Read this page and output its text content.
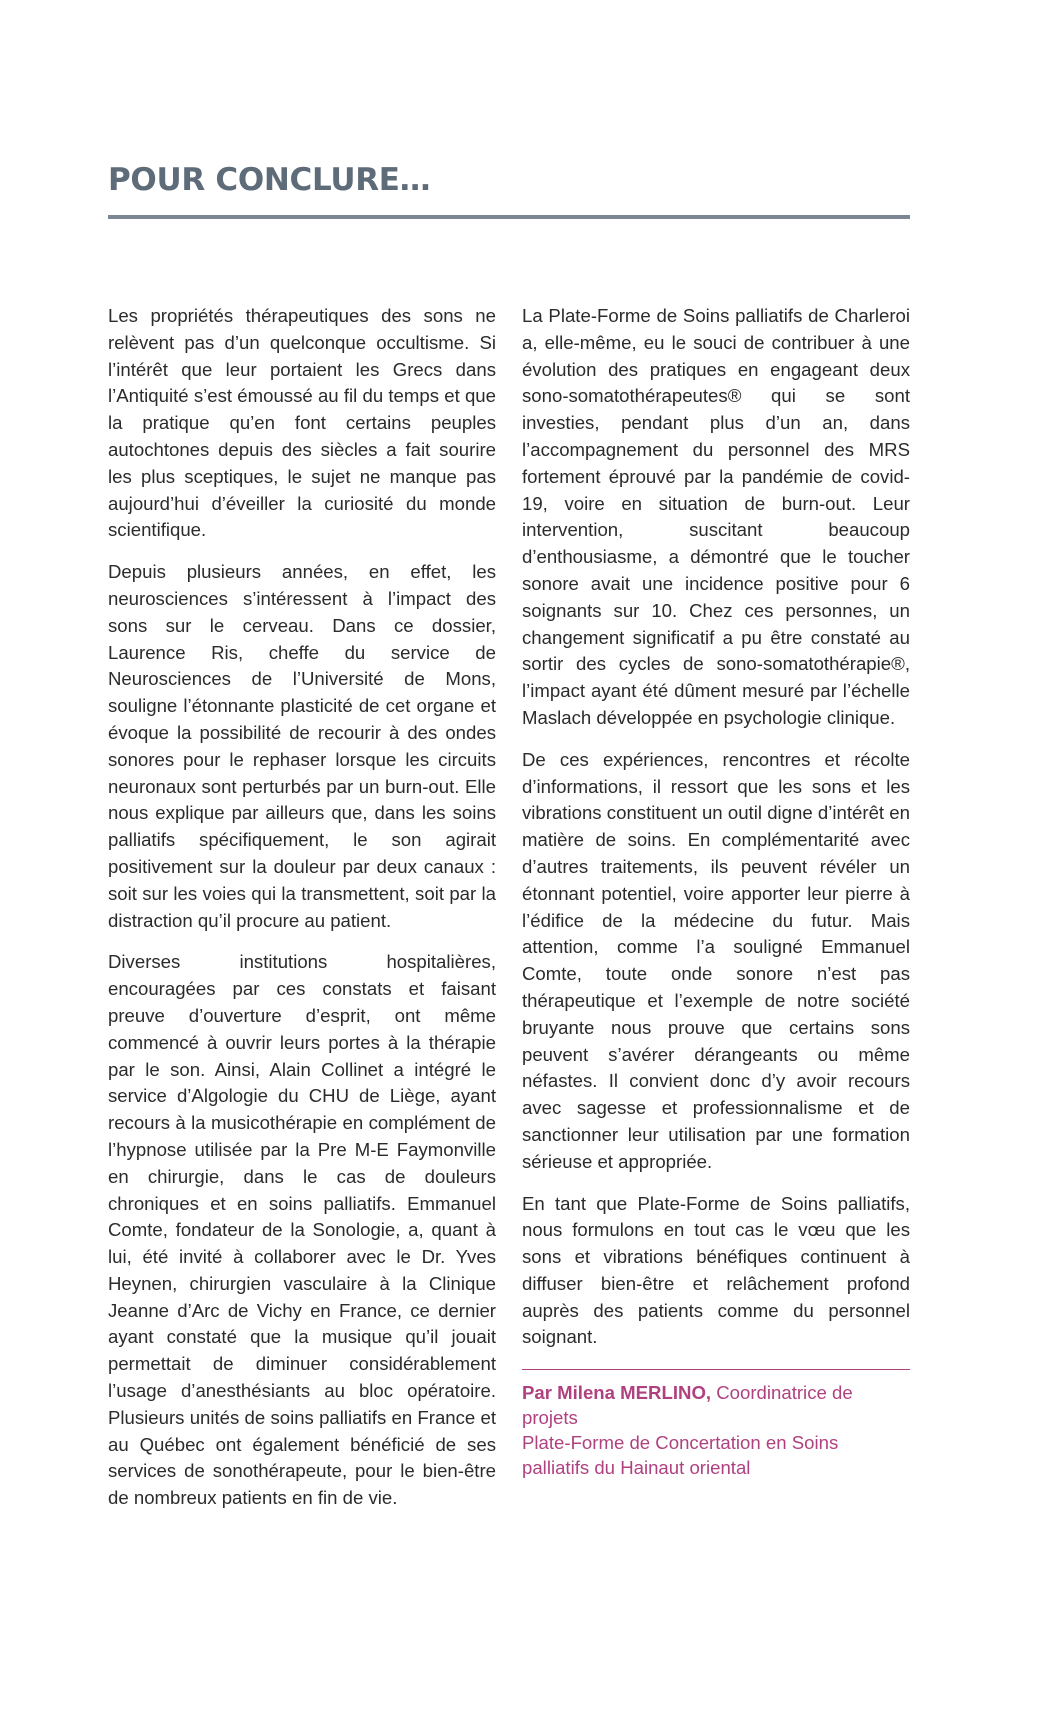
POUR CONCLURE…

Les propriétés thérapeutiques des sons ne relèvent pas d’un quelconque occultisme. Si l’intérêt que leur portaient les Grecs dans l’Antiquité s’est émoussé au fil du temps et que la pratique qu’en font certains peuples autochtones depuis des siècles a fait sourire les plus sceptiques, le sujet ne manque pas aujourd’hui d’éveiller la curiosité du monde scientifique.

Depuis plusieurs années, en effet, les neurosciences s’intéressent à l’impact des sons sur le cerveau. Dans ce dossier, Laurence Ris, cheffe du service de Neurosciences de l’Université de Mons, souligne l’étonnante plasticité de cet organe et évoque la possibilité de recourir à des ondes sonores pour le rephaser lorsque les circuits neuronaux sont perturbés par un burn-out. Elle nous explique par ailleurs que, dans les soins palliatifs spécifiquement, le son agirait positivement sur la douleur par deux canaux : soit sur les voies qui la transmettent, soit par la distraction qu’il procure au patient.

Diverses institutions hospitalières, encouragées par ces constats et faisant preuve d’ouverture d’esprit, ont même commencé à ouvrir leurs portes à la thérapie par le son. Ainsi, Alain Collinet a intégré le service d’Algologie du CHU de Liège, ayant recours à la musicothérapie en complément de l’hypnose utilisée par la Pre M-E Faymonville en chirurgie, dans le cas de douleurs chroniques et en soins palliatifs. Emmanuel Comte, fondateur de la Sonologie, a, quant à lui, été invité à collaborer avec le Dr. Yves Heynen, chirurgien vasculaire à la Clinique Jeanne d’Arc de Vichy en France, ce dernier ayant constaté que la musique qu’il jouait permettait de diminuer considérablement l’usage d’anesthésiants au bloc opératoire. Plusieurs unités de soins palliatifs en France et au Québec ont également bénéficié de ses services de sonothérapeute, pour le bien-être de nombreux patients en fin de vie.

La Plate-Forme de Soins palliatifs de Charleroi a, elle-même, eu le souci de contribuer à une évolution des pratiques en engageant deux sono-somatothérapeutes® qui se sont investies, pendant plus d’un an, dans l’accompagnement du personnel des MRS fortement éprouvé par la pandémie de covid-19, voire en situation de burn-out. Leur intervention, suscitant beaucoup d’enthousiasme, a démontré que le toucher sonore avait une incidence positive pour 6 soignants sur 10. Chez ces personnes, un changement significatif a pu être constaté au sortir des cycles de sono-somatothérapie®, l’impact ayant été dûment mesuré par l’échelle Maslach développée en psychologie clinique.

De ces expériences, rencontres et récolte d’informations, il ressort que les sons et les vibrations constituent un outil digne d’intérêt en matière de soins. En complémentarité avec d’autres traitements, ils peuvent révéler un étonnant potentiel, voire apporter leur pierre à l’édifice de la médecine du futur. Mais attention, comme l’a souligné Emmanuel Comte, toute onde sonore n’est pas thérapeutique et l’exemple de notre société bruyante nous prouve que certains sons peuvent s’avérer dérangeants ou même néfastes. Il convient donc d’y avoir recours avec sagesse et professionnalisme et de sanctionner leur utilisation par une formation sérieuse et appropriée.

En tant que Plate-Forme de Soins palliatifs, nous formulons en tout cas le vœu que les sons et vibrations bénéfiques continuent à diffuser bien-être et relâchement profond auprès des patients comme du personnel soignant.

Par Milena MERLINO, Coordinatrice de projets
Plate-Forme de Concertation en Soins palliatifs du Hainaut oriental
